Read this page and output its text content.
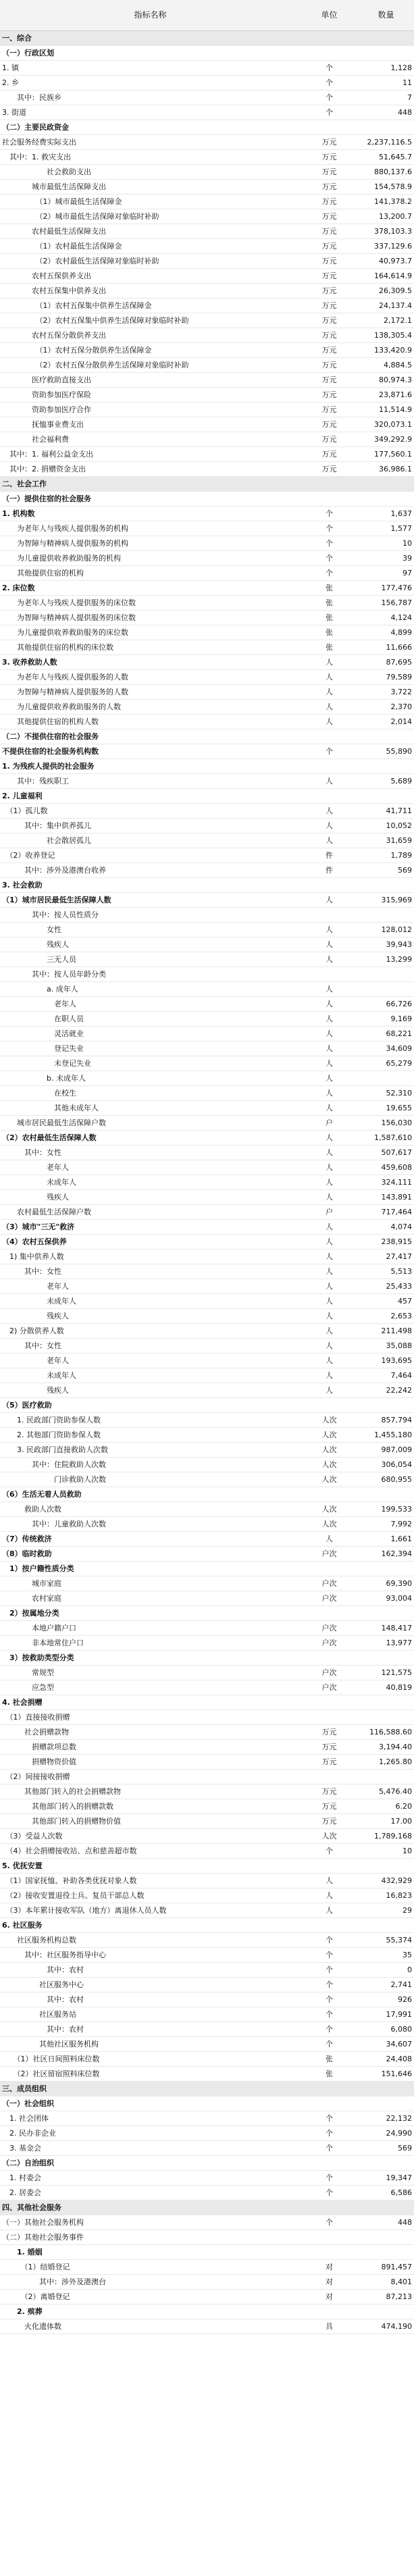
指标名称	单位	数量
一、综合		
（一）行政区划		
1. 镇	个	1,128
2. 乡	个	11
　　其中：民族乡	个	7
3. 街道	个	448
（二）主要民政资金		
社会服务经费实际支出	万元	2,237,116.5
　其中：1. 救灾支出	万元	51,645.7
　　　　　　社会救助支出	万元	880,137.6
　　　　城市最低生活保障支出	万元	154,578.9
　　　　　（1）城市最低生活保障金	万元	141,378.2
　　　　　（2）城市最低生活保障对象临时补助	万元	13,200.7
　　　　农村最低生活保障支出	万元	378,103.3
　　　　　（1）农村最低生活保障金	万元	337,129.6
　　　　　（2）农村最低生活保障对象临时补助	万元	40,973.7
　　　　农村五保供养支出	万元	164,614.9
　　　　农村五保集中供养支出	万元	26,309.5
　　　　　（1）农村五保集中供养生活保障金	万元	24,137.4
　　　　　（2）农村五保集中供养生活保障对象临时补助	万元	2,172.1
　　　　农村五保分散供养支出	万元	138,305.4
　　　　　（1）农村五保分散供养生活保障金	万元	133,420.9
　　　　　（2）农村五保分散供养生活保障对象临时补助	万元	4,884.5
　　　　医疗救助直接支出	万元	80,974.3
　　　　资助参加医疗保险	万元	23,871.6
　　　　资助参加医疗合作	万元	11,514.9
　　　　抚恤事业费支出	万元	320,073.1
　　　　社会福利费	万元	349,292.9
　其中：1. 福利公益金支出	万元	177,560.1
　其中：2. 捐赠资金支出	万元	36,986.1
二、社会工作		
（一）提供住宿的社会服务		
1. 机构数	个	1,637
　　为老年人与残疾人提供服务的机构	个	1,577
　　为智障与精神病人提供服务的机构	个	10
　　为儿童提供收养救助服务的机构	个	39
　　其他提供住宿的机构	个	97
2. 床位数	张	177,476
　　为老年人与残疾人提供服务的床位数	张	156,787
　　为智障与精神病人提供服务的床位数	张	4,124
　　为儿童提供收养救助服务的床位数	张	4,899
　　其他提供住宿的机构的床位数	张	11,666
3. 收养救助人数	人	87,695
　　为老年人与残疾人提供服务的人数	人	79,589
　　为智障与精神病人提供服务的人数	人	3,722
　　为儿童提供收养救助服务的人数	人	2,370
　　其他提供住宿的机构人数	人	2,014
（二）不提供住宿的社会服务		
不提供住宿的社会服务机构数	个	55,890
1. 为残疾人提供的社会服务		
　　其中：残疾职工	人	5,689
2. 儿童福利		
　（1）孤儿数	人	41,711
　　　其中：集中供养孤儿	人	10,052
　　　　　　社会散居孤儿	人	31,659
　（2）收养登记	件	1,789
　　　其中：涉外及港澳台收养	件	569
3. 社会救助		
（1）城市居民最低生活保障人数	人	315,969
　　　　其中：按人员性质分		
　　　　　　女性	人	128,012
　　　　　　残疾人	人	39,943
　　　　　　三无人员	人	13,299
　　　　其中：按人员年龄分类		
　　　　　　a. 成年人	人	
　　　　　　　老年人	人	66,726
　　　　　　　在职人员	人	9,169
　　　　　　　灵活就业	人	68,221
　　　　　　　登记失业	人	34,609
　　　　　　　未登记失业	人	65,279
　　　　　　b. 未成年人	人	
　　　　　　　在校生	人	52,310
　　　　　　　其他未成年人	人	19,655
　　城市居民最低生活保障户数	户	156,030
（2）农村最低生活保障人数	人	1,587,610
　　　其中：女性	人	507,617
　　　　　　老年人	人	459,608
　　　　　　未成年人	人	324,111
　　　　　　残疾人	人	143,891
　　农村最低生活保障户数	户	717,464
（3）城市"三无"救济	人	4,074
（4）农村五保供养	人	238,915
　1) 集中供养人数	人	27,417
　　　其中：女性	人	5,513
　　　　　　老年人	人	25,433
　　　　　　未成年人	人	457
　　　　　　残疾人	人	2,653
　2) 分散供养人数	人	211,498
　　　其中：女性	人	35,088
　　　　　　老年人	人	193,695
　　　　　　未成年人	人	7,464
　　　　　　残疾人	人	22,242
（5）医疗救助		
　　1. 民政部门资助参保人数	人次	857,794
　　2. 其他部门资助参保人数	人次	1,455,180
　　3. 民政部门直接救助人次数	人次	987,009
　　　　其中：住院救助人次数	人次	306,054
　　　　　　　门诊救助人次数	人次	680,955
（6）生活无着人员救助		
　　　救助人次数	人次	199,533
　　　　其中：儿童救助人次数	人次	7,992
（7）传统救济	人	1,661
（8）临时救助	户次	162,394
　1）按户籍性质分类		
　　　　城市家庭	户次	69,390
　　　　农村家庭	户次	93,004
　2）按属地分类		
　　　　本地户籍户口	户次	148,417
　　　　非本地常住户口	户次	13,977
　3）按救助类型分类		
　　　　常规型	户次	121,575
　　　　应急型	户次	40,819
4. 社会捐赠		
　（1）直接接收捐赠		
　　　社会捐赠款物	万元	116,588.60
　　　　捐赠款项总数	万元	3,194.40
　　　　捐赠物资价值	万元	1,265.80
　（2）间接接收捐赠		
　　　其他部门转入的社会捐赠款物	万元	5,476.40
　　　　其他部门转入的捐赠款数	万元	6.20
　　　　其他部门转入的捐赠物价值	万元	17.00
　（3）受益人次数	人次	1,789,168
　（4）社会捐赠接收站、点和慈善超市数	个	10
5. 优抚安置		
　（1）国家抚恤、补助各类优抚对象人数	人	432,929
　（2）接收安置退役士兵、复员干部总人数	人	16,823
　（3）本年累计接收军队（地方）离退休人员人数	人	29
6. 社区服务		
　　社区服务机构总数	个	55,374
　　　其中：社区服务指导中心	个	35
　　　　　　其中：农村	个	0
　　　　　社区服务中心	个	2,741
　　　　　　其中：农村	个	926
　　　　　社区服务站	个	17,991
　　　　　　其中：农村	个	6,080
　　　　　其他社区服务机构	个	34,607
　　（1）社区日间照料床位数	张	24,408
　　（2）社区留宿照料床位数	张	151,646
三、成员组织		
（一）社会组织		
　1. 社会团体	个	22,132
　2. 民办非企业	个	24,990
　3. 基金会	个	569
（二）自治组织		
　1. 村委会	个	19,347
　2. 居委会	个	6,586
四、其他社会服务		
（一）其他社会服务机构	个	448
（二）其他社会服务事件		
　　1. 婚姻		
　　　（1）结婚登记	对	891,457
　　　　　其中：涉外及港澳台	对	8,401
　　　（2）离婚登记	对	87,213
　　2. 殡葬		
　　　火化遗体数	具	474,190
